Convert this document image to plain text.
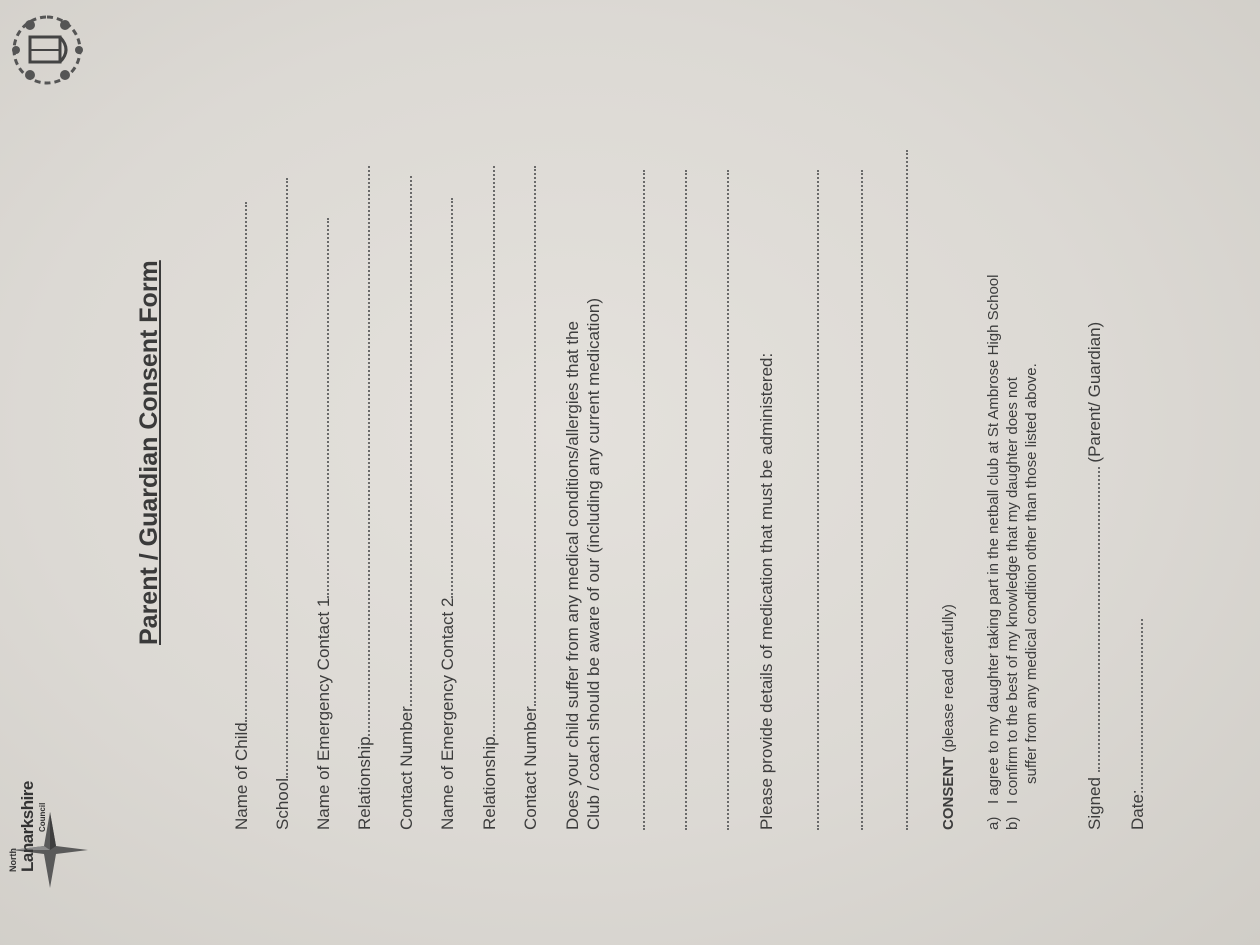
North Lanarkshire Council
Parent / Guardian Consent Form
Name of Child School Name of Emergency Contact 1 Relationship Contact Number Name of Emergency Contact 2 Relationship Contact Number Does your child suffer from any medical conditions/allergies that the Club / coach should be aware of our (including any current medication)	Please provide details of medication that must be administered:	CONSENT (please read carefully)
a)I agree to my daughter taking part in the netball club at St Ambrose High School
b)I confirm to the best of my knowledge that my daughter does not suffer from any medical condition other than those listed above.
Signed  (Parent/ Guardian)
Date:
